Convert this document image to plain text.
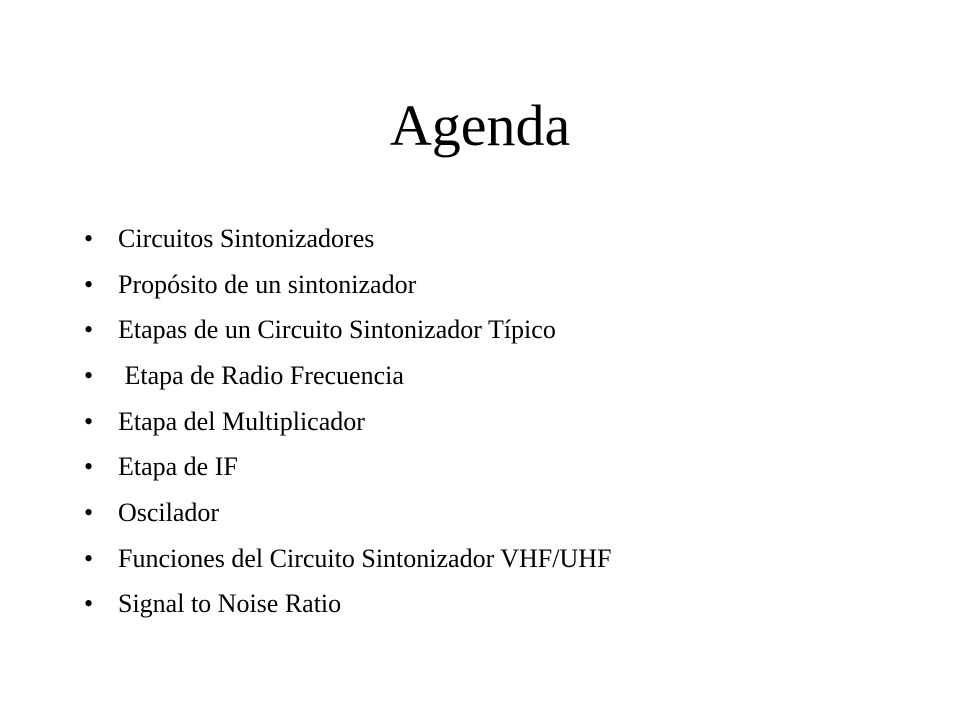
Agenda
• Circuitos Sintonizadores
• Propósito de un sintonizador
• Etapas de un Circuito Sintonizador Típico
• Etapa de Radio Frecuencia
• Etapa del Multiplicador
• Etapa de IF
• Oscilador
• Funciones del Circuito Sintonizador VHF/UHF
• Signal to Noise Ratio
